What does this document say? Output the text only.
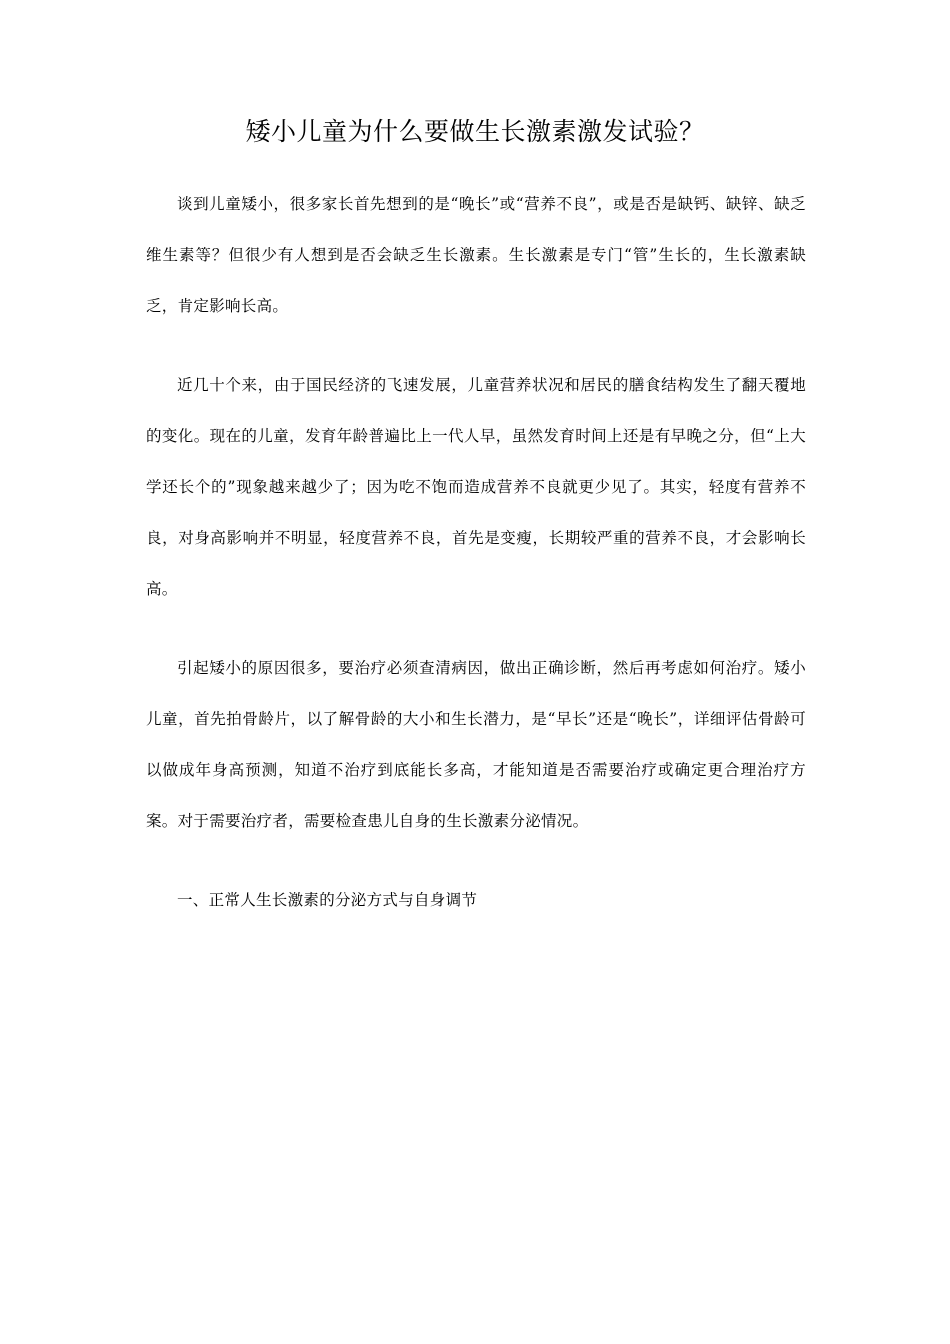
矮小儿童为什么要做生长激素激发试验？

谈到儿童矮小，很多家长首先想到的是“晚长”或“营养不良”，或是否是缺钙、缺锌、缺乏维生素等？但很少有人想到是否会缺乏生长激素。生长激素是专门“管”生长的，生长激素缺乏，肯定影响长高。

近几十个来，由于国民经济的飞速发展，儿童营养状况和居民的膳食结构发生了翻天覆地的变化。现在的儿童，发育年龄普遍比上一代人早，虽然发育时间上还是有早晚之分，但“上大学还长个的”现象越来越少了；因为吃不饱而造成营养不良就更少见了。其实，轻度有营养不良，对身高影响并不明显，轻度营养不良，首先是变瘦，长期较严重的营养不良，才会影响长高。

引起矮小的原因很多，要治疗必须查清病因，做出正确诊断，然后再考虑如何治疗。矮小儿童，首先拍骨龄片，以了解骨龄的大小和生长潜力，是“早长”还是“晚长”，详细评估骨龄可以做成年身高预测，知道不治疗到底能长多高，才能知道是否需要治疗或确定更合理治疗方案。对于需要治疗者，需要检查患儿自身的生长激素分泌情况。

一、正常人生长激素的分泌方式与自身调节
